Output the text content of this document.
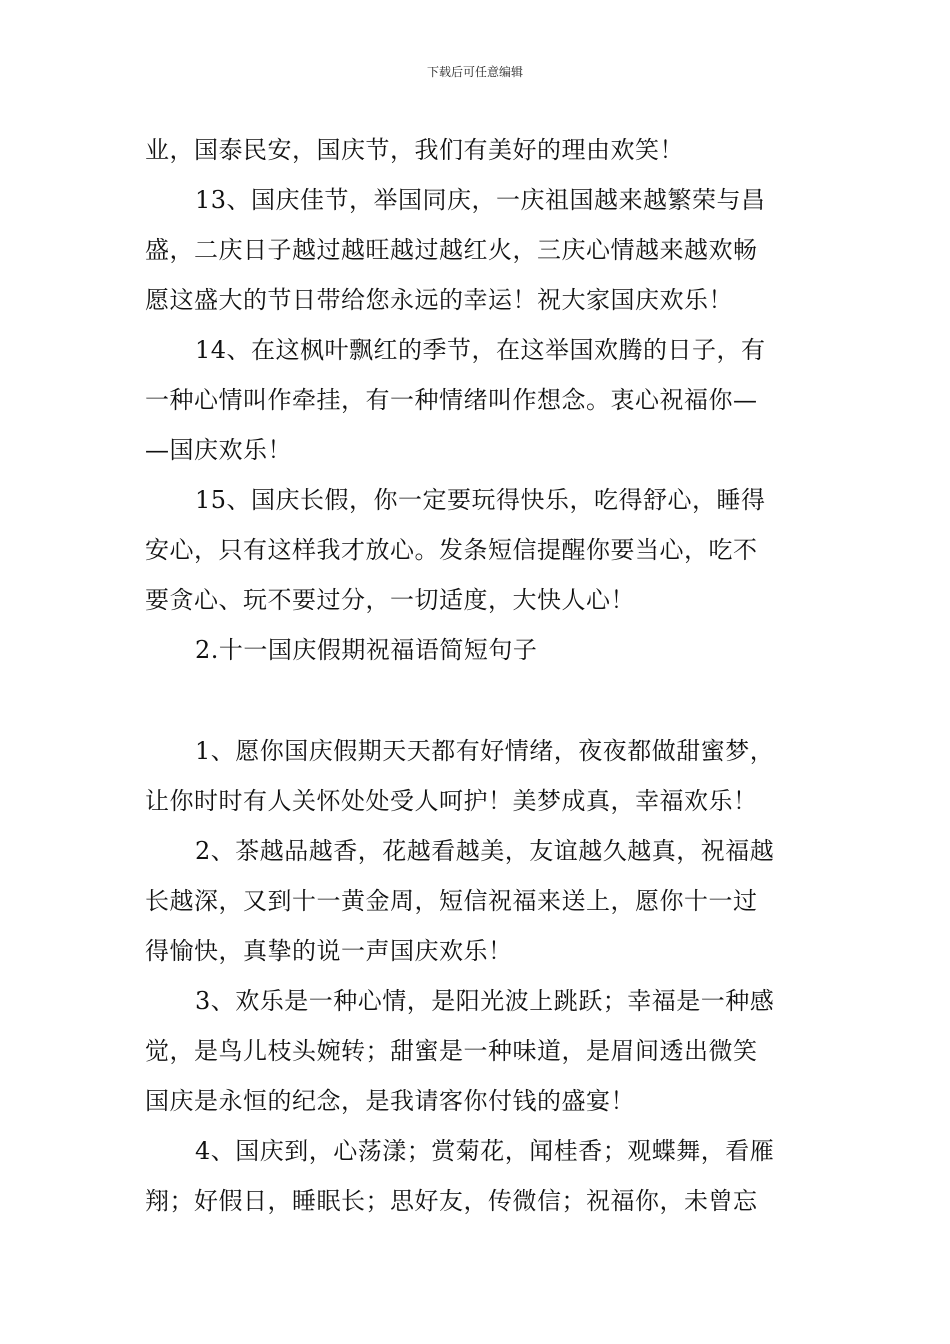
下载后可任意编辑
业，国泰民安，国庆节，我们有美好的理由欢笑！
13、国庆佳节，举国同庆，一庆祖国越来越繁荣与昌
盛，二庆日子越过越旺越过越红火，三庆心情越来越欢畅
愿这盛大的节日带给您永远的幸运！祝大家国庆欢乐！
14、在这枫叶飘红的季节，在这举国欢腾的日子，有
一种心情叫作牵挂，有一种情绪叫作想念。衷心祝福你—
—国庆欢乐！
15、国庆长假，你一定要玩得快乐，吃得舒心，睡得
安心，只有这样我才放心。发条短信提醒你要当心，吃不
要贪心、玩不要过分，一切适度，大快人心！
2.十一国庆假期祝福语简短句子
1、愿你国庆假期天天都有好情绪，夜夜都做甜蜜梦，
让你时时有人关怀处处受人呵护！美梦成真，幸福欢乐！
2、茶越品越香，花越看越美，友谊越久越真，祝福越
长越深，又到十一黄金周，短信祝福来送上，愿你十一过
得愉快，真挚的说一声国庆欢乐！
3、欢乐是一种心情，是阳光波上跳跃；幸福是一种感
觉，是鸟儿枝头婉转；甜蜜是一种味道，是眉间透出微笑
国庆是永恒的纪念，是我请客你付钱的盛宴！
4、国庆到，心荡漾；赏菊花，闻桂香；观蝶舞，看雁
翔；好假日，睡眠长；思好友，传微信；祝福你，未曾忘
